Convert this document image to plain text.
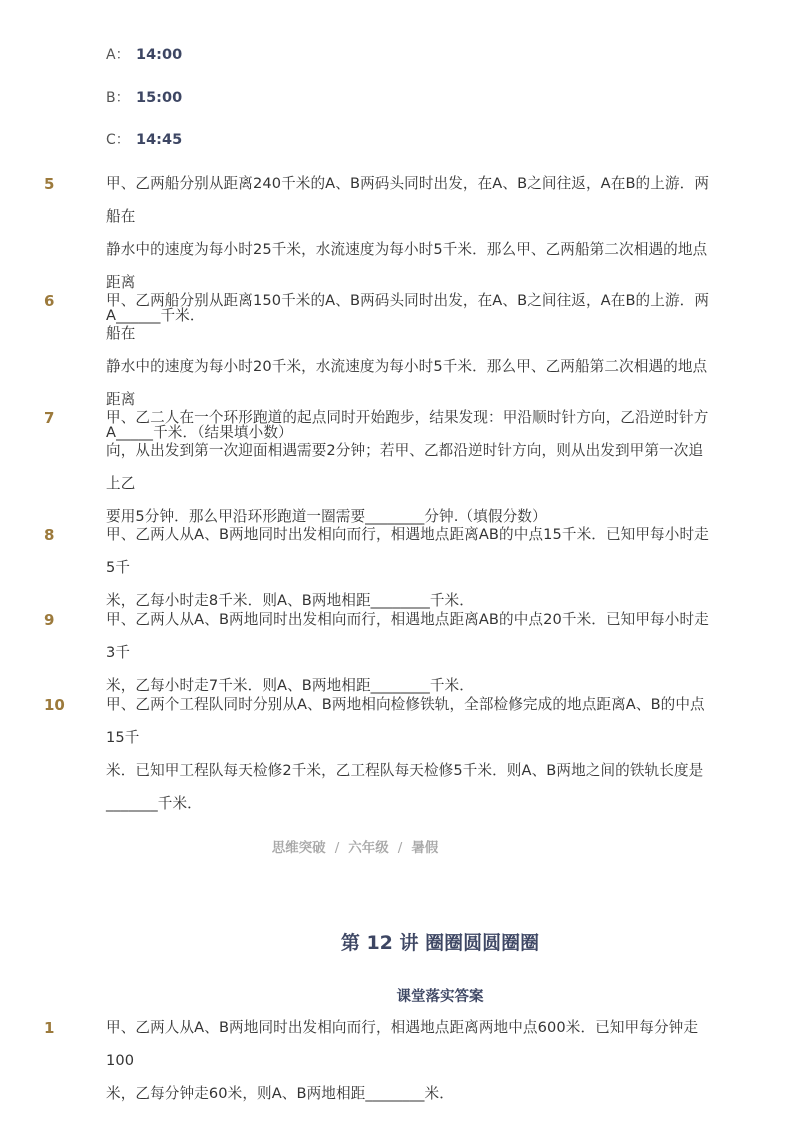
A： 14:00
B： 15:00
C： 14:45
5	甲、乙两船分别从距离240千米的A、B两码头同时出发，在A、B之间往返，A在B的上游．两船在
静水中的速度为每小时25千米，水流速度为每小时5千米．那么甲、乙两船第二次相遇的地点距离
A______千米．
6	甲、乙两船分别从距离150千米的A、B两码头同时出发，在A、B之间往返，A在B的上游．两船在
静水中的速度为每小时20千米，水流速度为每小时5千米．那么甲、乙两船第二次相遇的地点距离
A_____千米．（结果填小数）
7	甲、乙二人在一个环形跑道的起点同时开始跑步，结果发现：甲沿顺时针方向，乙沿逆时针方
向，从出发到第一次迎面相遇需要2分钟；若甲、乙都沿逆时针方向，则从出发到甲第一次追上乙
要用5分钟．那么甲沿环形跑道一圈需要________分钟.（填假分数）
8	甲、乙两人从A、B两地同时出发相向而行，相遇地点距离AB的中点15千米．已知甲每小时走5千
米，乙每小时走8千米．则A、B两地相距________千米．
9	甲、乙两人从A、B两地同时出发相向而行，相遇地点距离AB的中点20千米．已知甲每小时走3千
米，乙每小时走7千米．则A、B两地相距________千米．
10	甲、乙两个工程队同时分别从A、B两地相向检修铁轨，全部检修完成的地点距离A、B的中点15千
米．已知甲工程队每天检修2千米，乙工程队每天检修5千米．则A、B两地之间的铁轨长度是
_______千米．
思维突破 / 六年级 / 暑假
第 12 讲 圈圈圆圆圈圈
课堂落实答案
1	甲、乙两人从A、B两地同时出发相向而行，相遇地点距离两地中点600米．已知甲每分钟走100
米，乙每分钟走60米，则A、B两地相距________米．
